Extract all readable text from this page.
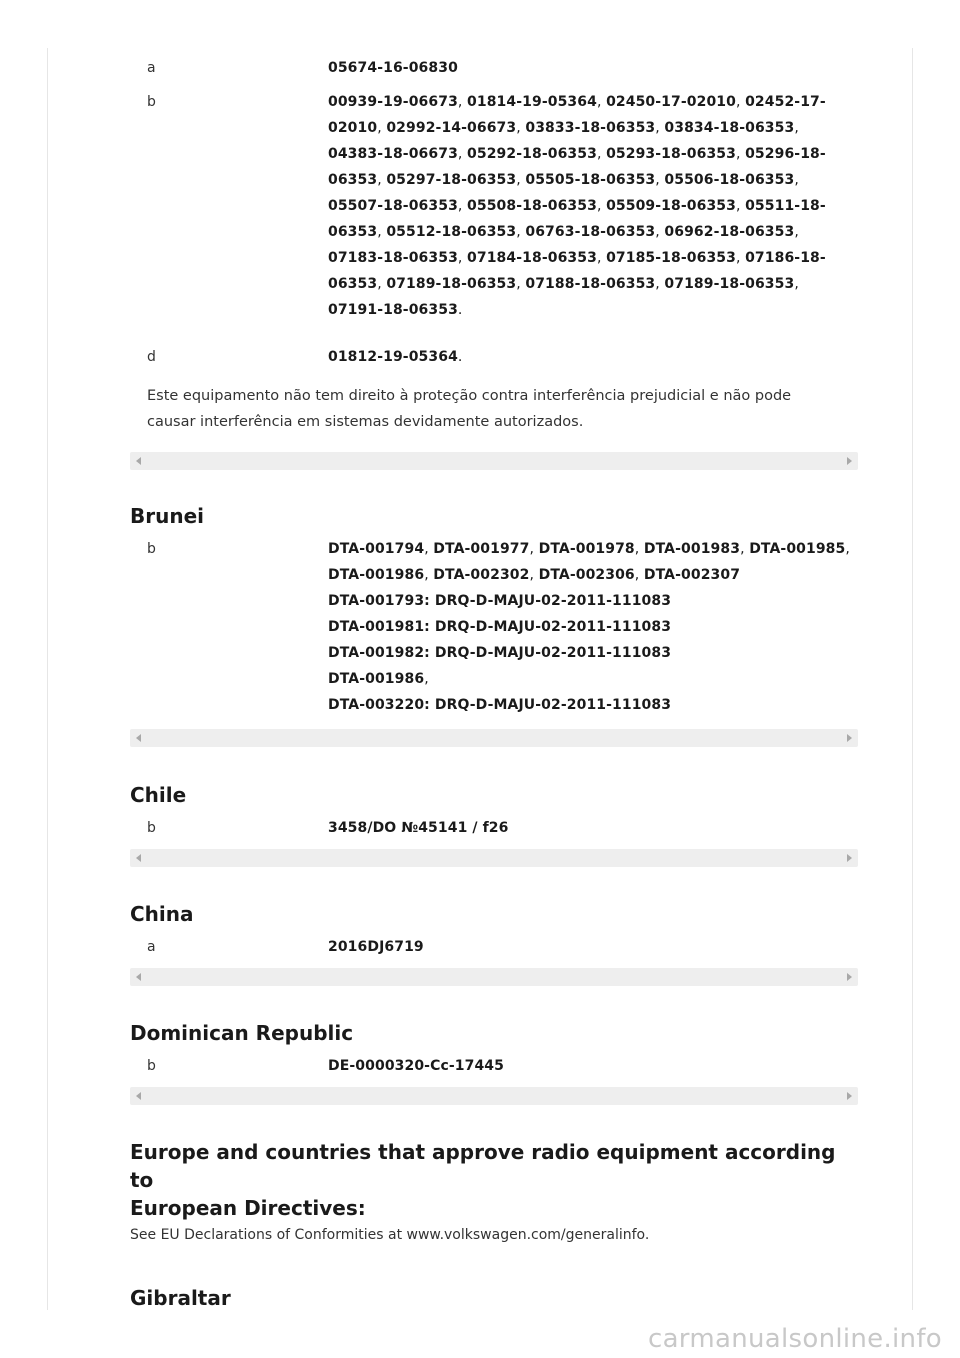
a	05674-16-06830
b	00939-19-06673, 01814-19-05364, 02450-17-02010, 02452-17-
02010, 02992-14-06673, 03833-18-06353, 03834-18-06353,
04383-18-06673, 05292-18-06353, 05293-18-06353, 05296-18-
06353, 05297-18-06353, 05505-18-06353, 05506-18-06353,
05507-18-06353, 05508-18-06353, 05509-18-06353, 05511-18-
06353, 05512-18-06353, 06763-18-06353, 06962-18-06353,
07183-18-06353, 07184-18-06353, 07185-18-06353, 07186-18-
06353, 07189-18-06353, 07188-18-06353, 07189-18-06353,
07191-18-06353.
d	01812-19-05364.
Este equipamento não tem direito à proteção contra interferência prejudicial e não pode
causar interferência em sistemas devidamente autorizados.
Brunei
b	DTA-001794, DTA-001977, DTA-001978, DTA-001983, DTA-001985,
DTA-001986, DTA-002302, DTA-002306, DTA-002307
DTA-001793: DRQ-D-MAJU-02-2011-111083
DTA-001981: DRQ-D-MAJU-02-2011-111083
DTA-001982: DRQ-D-MAJU-02-2011-111083
DTA-001986,
DTA-003220: DRQ-D-MAJU-02-2011-111083
Chile
b	3458/DO №45141 / f26
China
a	2016DJ6719
Dominican Republic
b	DE-0000320-Cc-17445
Europe and countries that approve radio equipment according to
European Directives:
See EU Declarations of Conformities at www.volkswagen.com/generalinfo.
Gibraltar
carmanualsonline.info
